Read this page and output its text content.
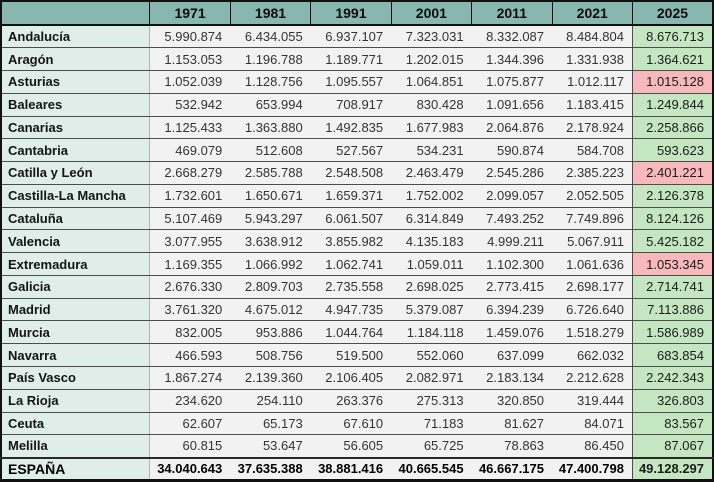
	1971	1981	1991	2001	2011	2021	2025
Andalucía	5.990.874	6.434.055	6.937.107	7.323.031	8.332.087	8.484.804	8.676.713
Aragón	1.153.053	1.196.788	1.189.771	1.202.015	1.344.396	1.331.938	1.364.621
Asturias	1.052.039	1.128.756	1.095.557	1.064.851	1.075.877	1.012.117	1.015.128
Baleares	532.942	653.994	708.917	830.428	1.091.656	1.183.415	1.249.844
Canarias	1.125.433	1.363.880	1.492.835	1.677.983	2.064.876	2.178.924	2.258.866
Cantabria	469.079	512.608	527.567	534.231	590.874	584.708	593.623
Catilla y León	2.668.279	2.585.788	2.548.508	2.463.479	2.545.286	2.385.223	2.401.221
Castilla-La Mancha	1.732.601	1.650.671	1.659.371	1.752.002	2.099.057	2.052.505	2.126.378
Cataluña	5.107.469	5.943.297	6.061.507	6.314.849	7.493.252	7.749.896	8.124.126
Valencia	3.077.955	3.638.912	3.855.982	4.135.183	4.999.211	5.067.911	5.425.182
Extremadura	1.169.355	1.066.992	1.062.741	1.059.011	1.102.300	1.061.636	1.053.345
Galicia	2.676.330	2.809.703	2.735.558	2.698.025	2.773.415	2.698.177	2.714.741
Madrid	3.761.320	4.675.012	4.947.735	5.379.087	6.394.239	6.726.640	7.113.886
Murcia	832.005	953.886	1.044.764	1.184.118	1.459.076	1.518.279	1.586.989
Navarra	466.593	508.756	519.500	552.060	637.099	662.032	683.854
País Vasco	1.867.274	2.139.360	2.106.405	2.082.971	2.183.134	2.212.628	2.242.343
La Rioja	234.620	254.110	263.376	275.313	320.850	319.444	326.803
Ceuta	62.607	65.173	67.610	71.183	81.627	84.071	83.567
Melilla	60.815	53.647	56.605	65.725	78.863	86.450	87.067
ESPAÑA	34.040.643	37.635.388	38.881.416	40.665.545	46.667.175	47.400.798	49.128.297
